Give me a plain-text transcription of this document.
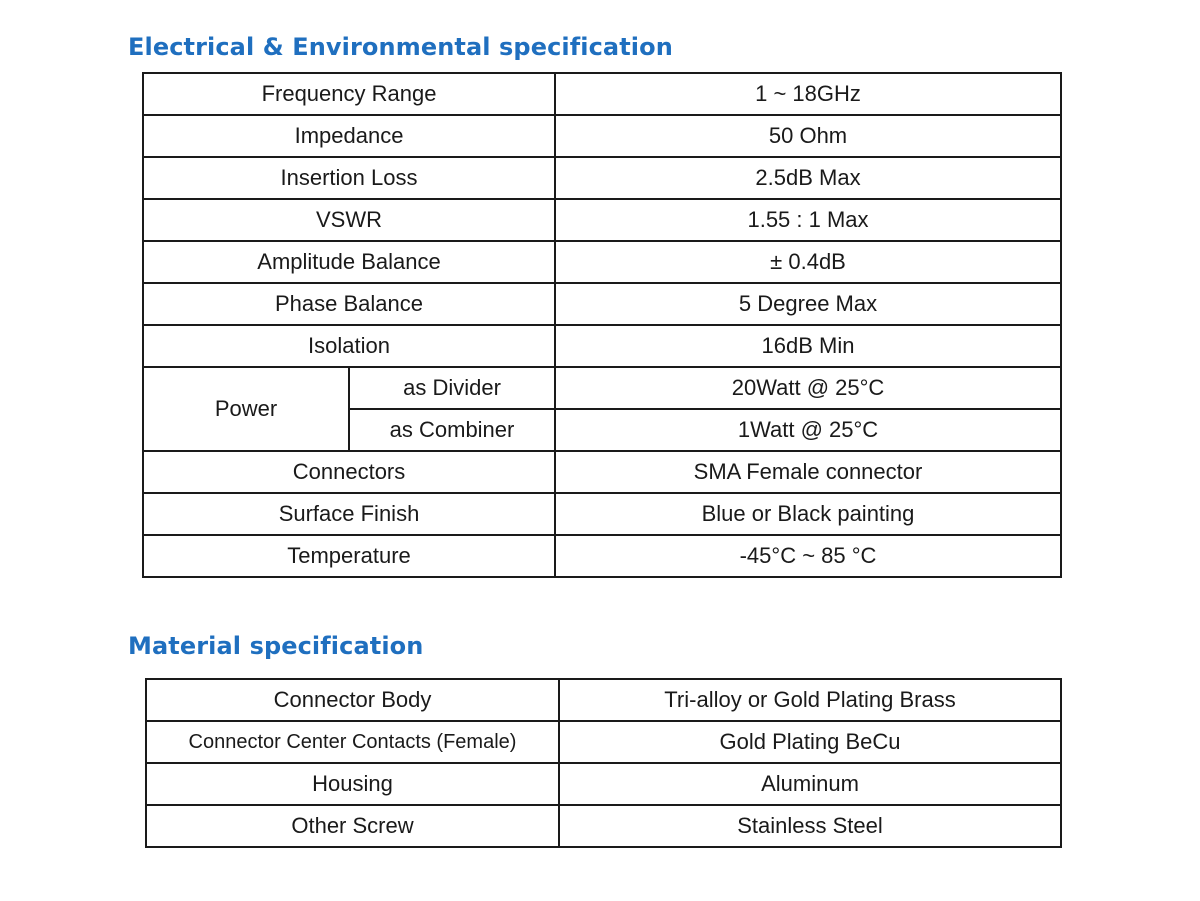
Electrical & Environmental specification
Frequency Range		1 ~ 18GHz
Impedance		50 Ohm
Insertion Loss		2.5dB Max
VSWR		1.55 : 1 Max
Amplitude Balance		± 0.4dB
Phase Balance		5 Degree Max
Isolation		16dB Min
Power	as Divider	20Watt @ 25°C
	as Combiner	1Watt @ 25°C
Connectors		SMA Female connector
Surface Finish		Blue or Black painting
Temperature		-45°C ~ 85 °C
Material specification
Connector Body	Tri-alloy or Gold Plating Brass
Connector Center Contacts (Female)	Gold Plating BeCu
Housing	Aluminum
Other Screw	Stainless Steel
